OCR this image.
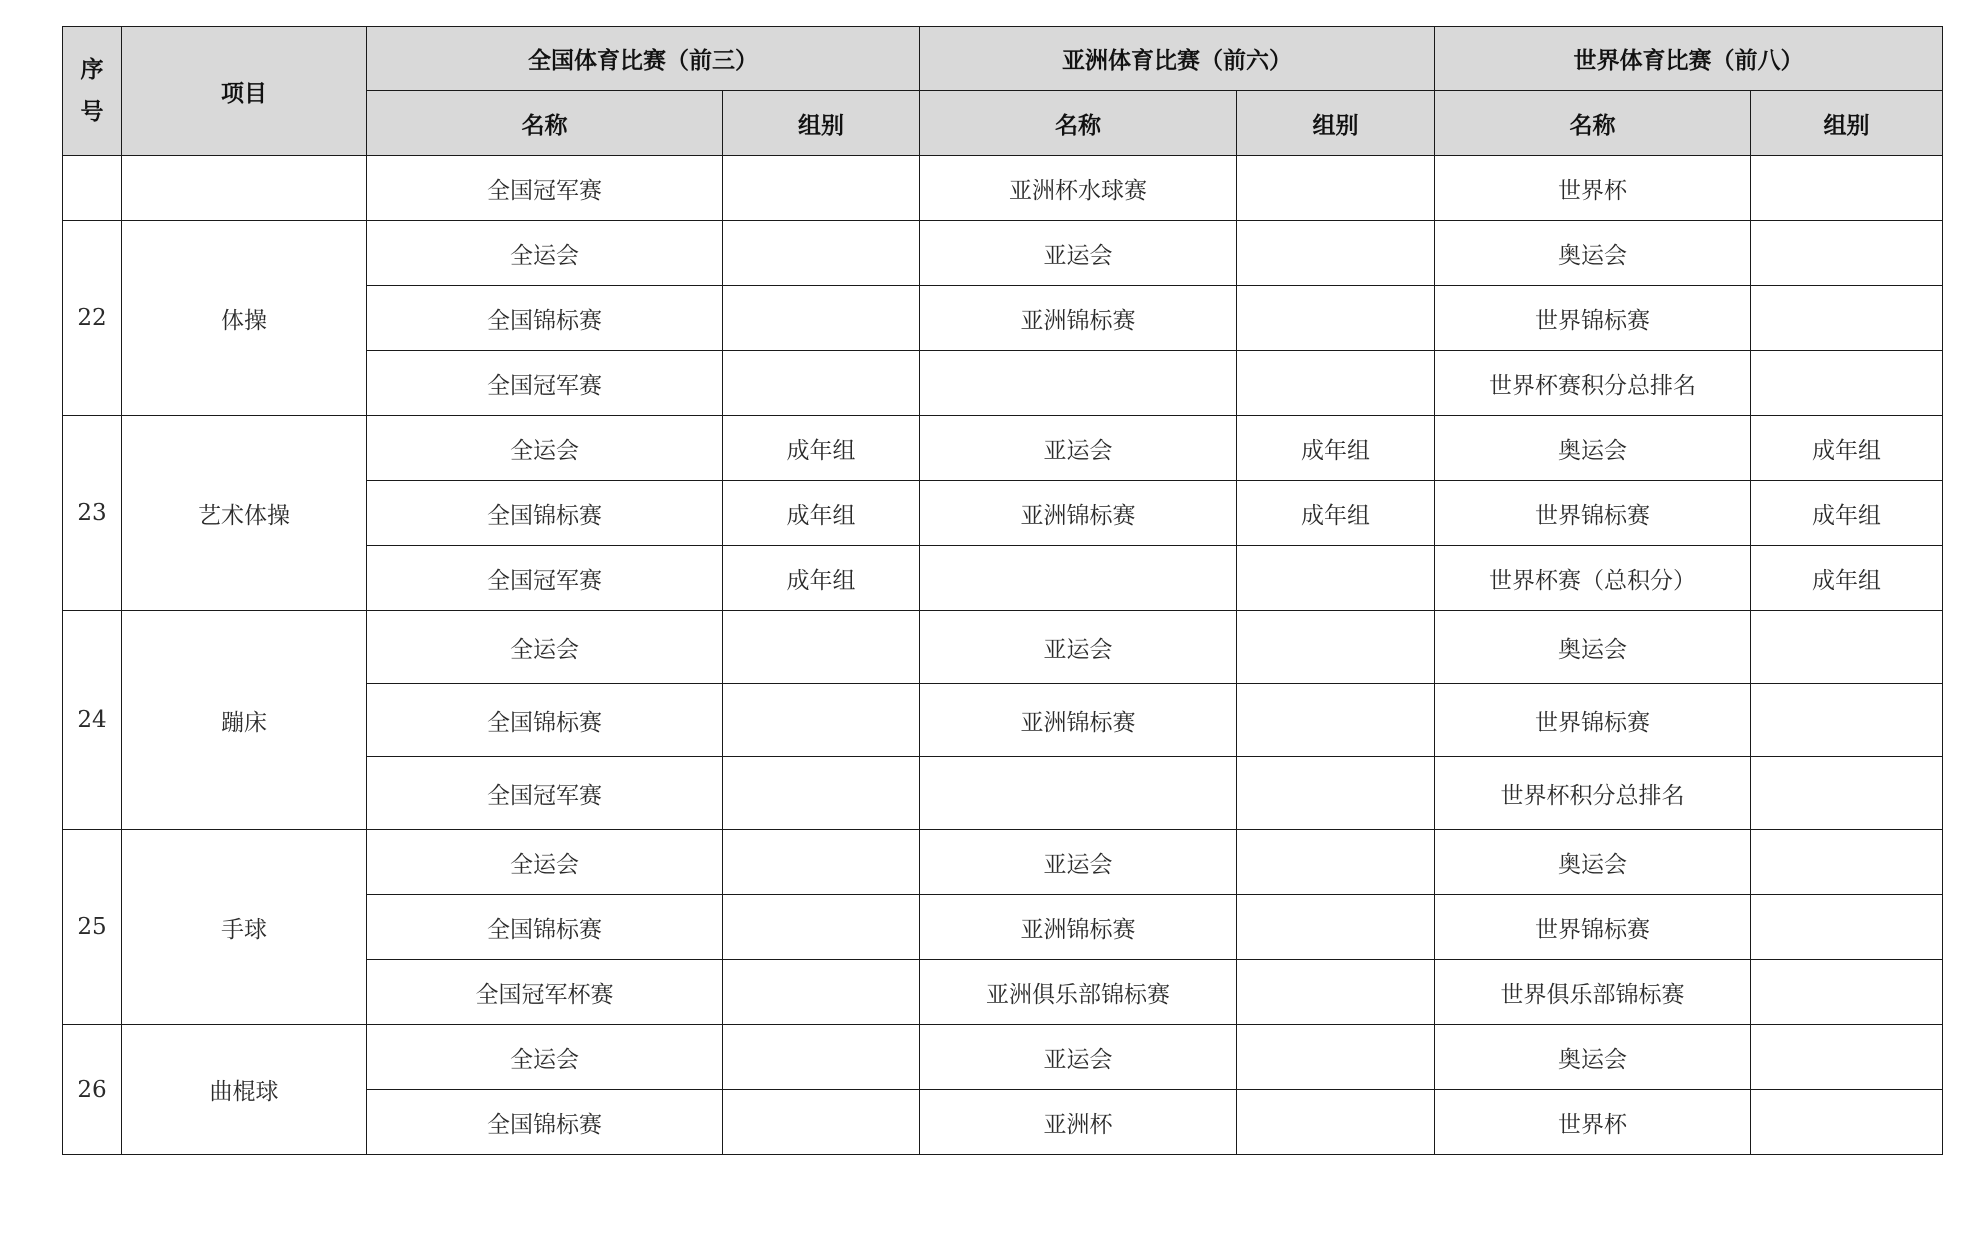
序
号	项目	全国体育比赛（前三）		亚洲体育比赛（前六）		世界体育比赛（前八）	
		名称	组别	名称	组别	名称	组别
		全国冠军赛		亚洲杯水球赛		世界杯	
22	体操	全运会		亚运会		奥运会	
		全国锦标赛		亚洲锦标赛		世界锦标赛	
		全国冠军赛				世界杯赛积分总排名	
23	艺术体操	全运会	成年组	亚运会	成年组	奥运会	成年组
		全国锦标赛	成年组	亚洲锦标赛	成年组	世界锦标赛	成年组
		全国冠军赛	成年组			世界杯赛（总积分）	成年组
24	蹦床	全运会		亚运会		奥运会	
		全国锦标赛		亚洲锦标赛		世界锦标赛	
		全国冠军赛				世界杯积分总排名	
25	手球	全运会		亚运会		奥运会	
		全国锦标赛		亚洲锦标赛		世界锦标赛	
		全国冠军杯赛		亚洲俱乐部锦标赛		世界俱乐部锦标赛	
26	曲棍球	全运会		亚运会		奥运会	
		全国锦标赛		亚洲杯		世界杯	
